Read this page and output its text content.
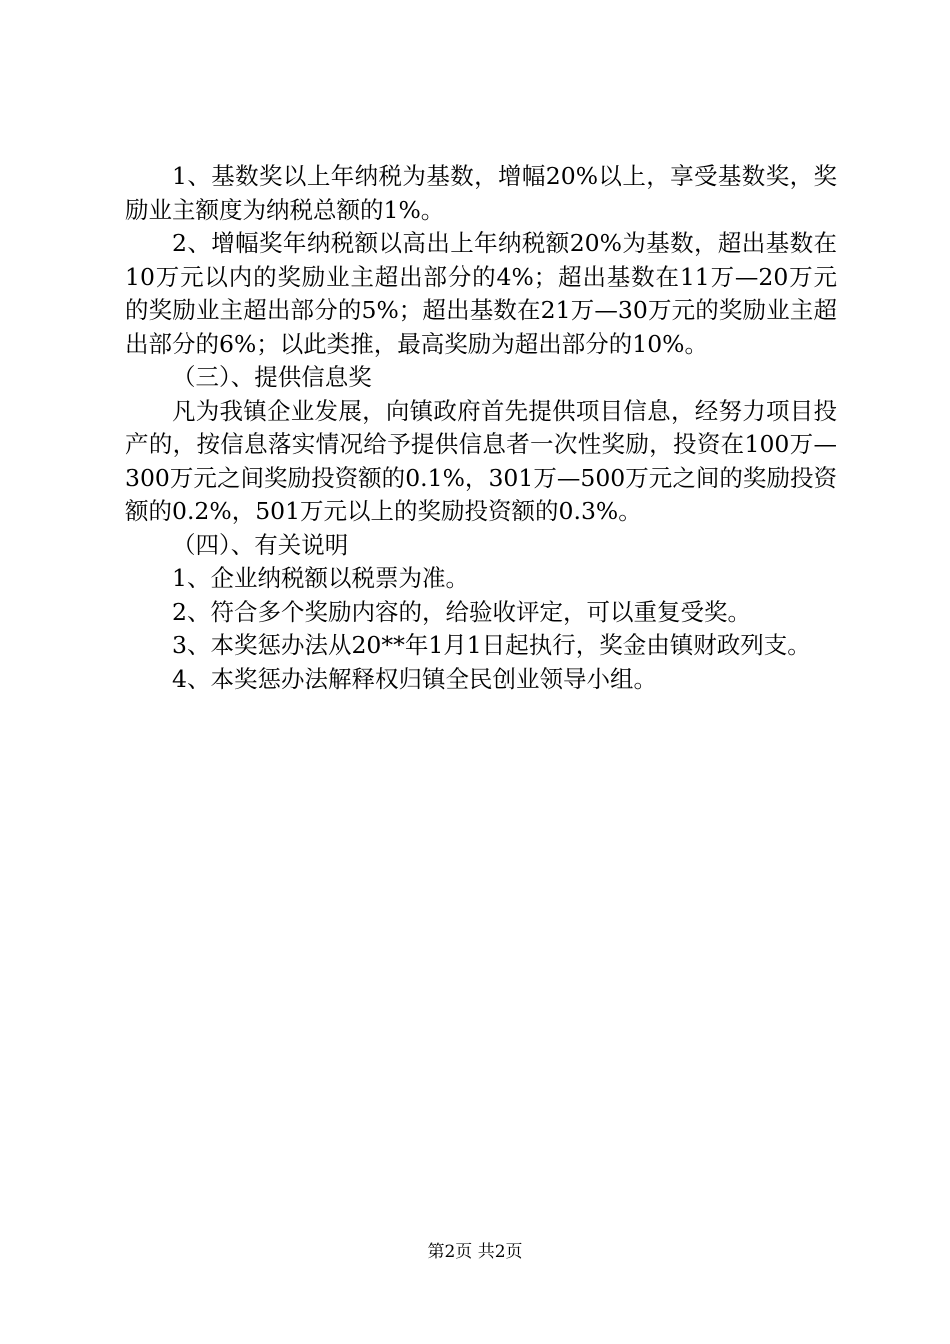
1、基数奖以上年纳税为基数，增幅20%以上，享受基数奖，奖励业主额度为纳税总额的1%。

2、增幅奖年纳税额以高出上年纳税额20%为基数，超出基数在10万元以内的奖励业主超出部分的4%；超出基数在11万—20万元的奖励业主超出部分的5%；超出基数在21万—30万元的奖励业主超出部分的6%；以此类推，最高奖励为超出部分的10%。

（三）、提供信息奖

凡为我镇企业发展，向镇政府首先提供项目信息，经努力项目投产的，按信息落实情况给予提供信息者一次性奖励，投资在100万—300万元之间奖励投资额的0.1%，301万—500万元之间的奖励投资额的0.2%，501万元以上的奖励投资额的0.3%。

（四）、有关说明

1、企业纳税额以税票为准。

2、符合多个奖励内容的，给验收评定，可以重复受奖。

3、本奖惩办法从20**年1月1日起执行，奖金由镇财政列支。

4、本奖惩办法解释权归镇全民创业领导小组。

第2页 共2页
